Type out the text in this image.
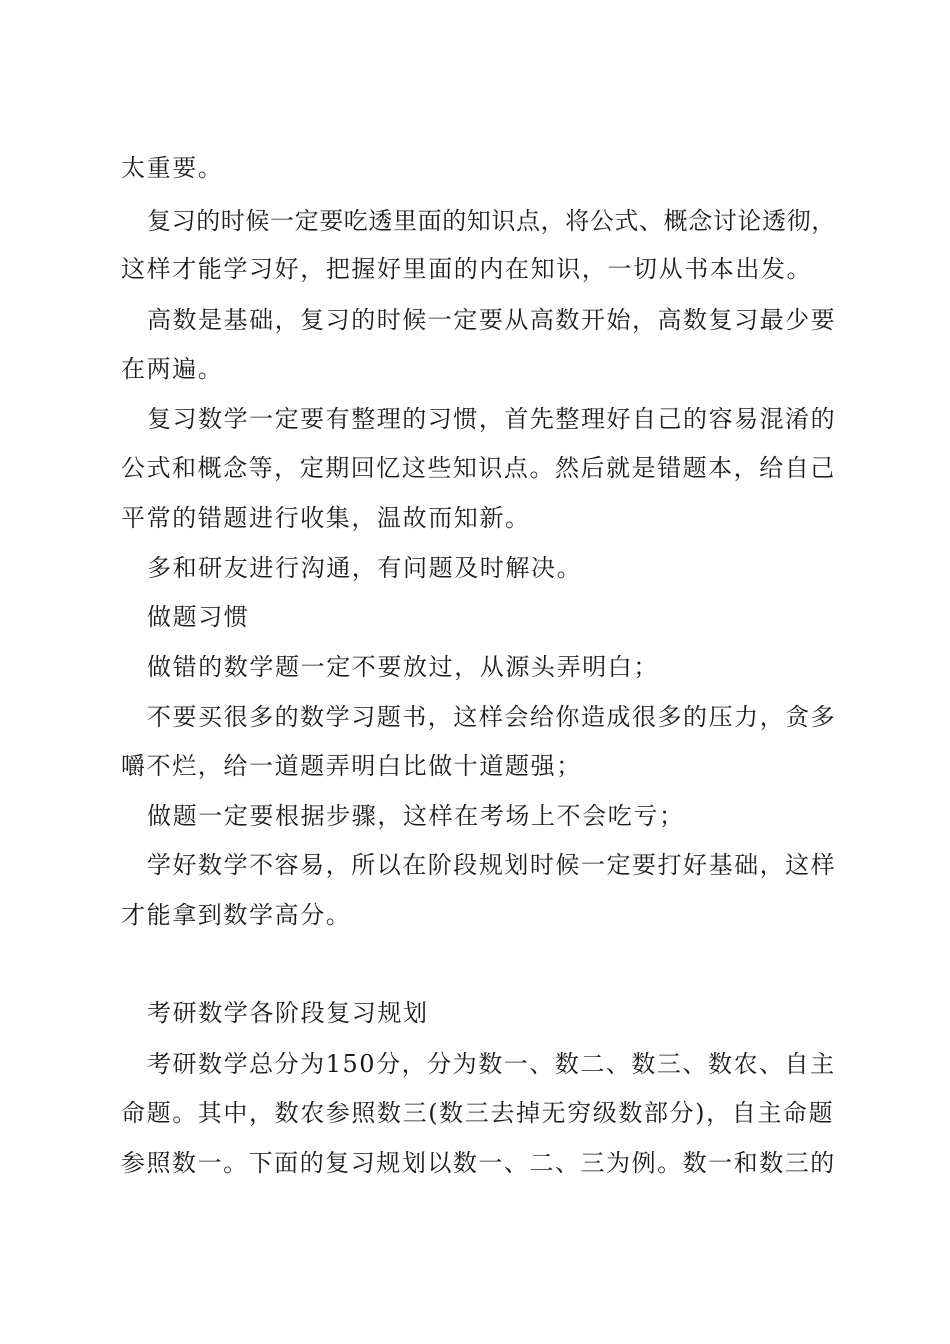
太重要。
复习的时候一定要吃透里面的知识点，将公式、概念讨论透彻，
这样才能学习好，把握好里面的内在知识，一切从书本出发。
高数是基础，复习的时候一定要从高数开始，高数复习最少要
在两遍。
复习数学一定要有整理的习惯，首先整理好自己的容易混淆的
公式和概念等，定期回忆这些知识点。然后就是错题本，给自己
平常的错题进行收集，温故而知新。
多和研友进行沟通，有问题及时解决。
做题习惯
做错的数学题一定不要放过，从源头弄明白；
不要买很多的数学习题书，这样会给你造成很多的压力，贪多
嚼不烂，给一道题弄明白比做十道题强；
做题一定要根据步骤，这样在考场上不会吃亏；
学好数学不容易，所以在阶段规划时候一定要打好基础，这样
才能拿到数学高分。
考研数学各阶段复习规划
考研数学总分为150分，分为数一、数二、数三、数农、自主
命题。其中，数农参照数三(数三去掉无穷级数部分)，自主命题
参照数一。下面的复习规划以数一、二、三为例。数一和数三的
